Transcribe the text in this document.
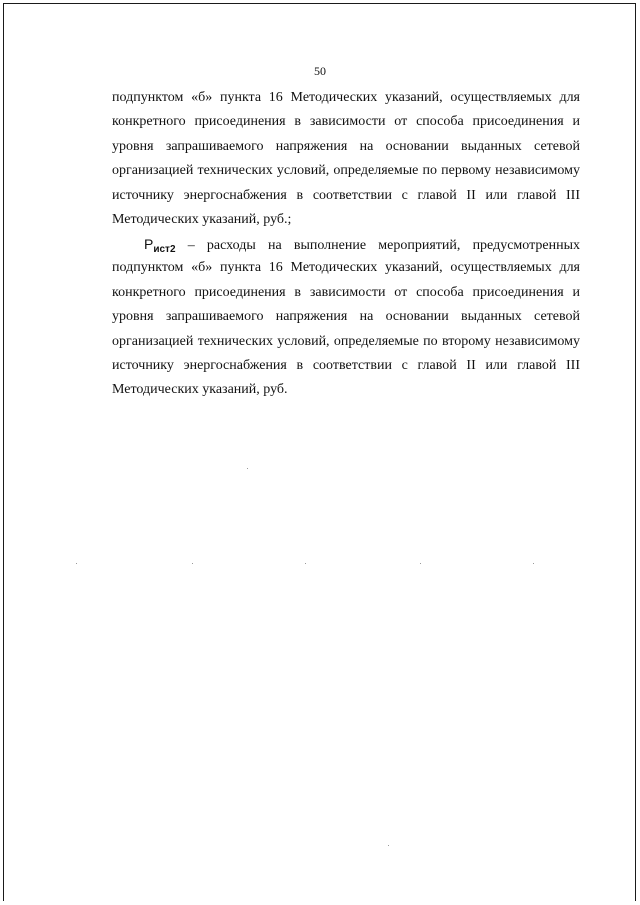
50
подпунктом «б» пункта 16 Методических указаний, осуществляемых для
конкретного присоединения в зависимости от способа присоединения и
уровня запрашиваемого напряжения на основании выданных сетевой
организацией технических условий, определяемые по первому независимому
источнику энергоснабжения в соответствии с главой II или главой III
Методических указаний, руб.;
$P_{ист2}$ – расходы на выполнение мероприятий, предусмотренных
подпунктом «б» пункта 16 Методических указаний, осуществляемых для
конкретного присоединения в зависимости от способа присоединения и
уровня запрашиваемого напряжения на основании выданных сетевой
организацией технических условий, определяемые по второму независимому
источнику энергоснабжения в соответствии с главой II или главой III
Методических указаний, руб.
